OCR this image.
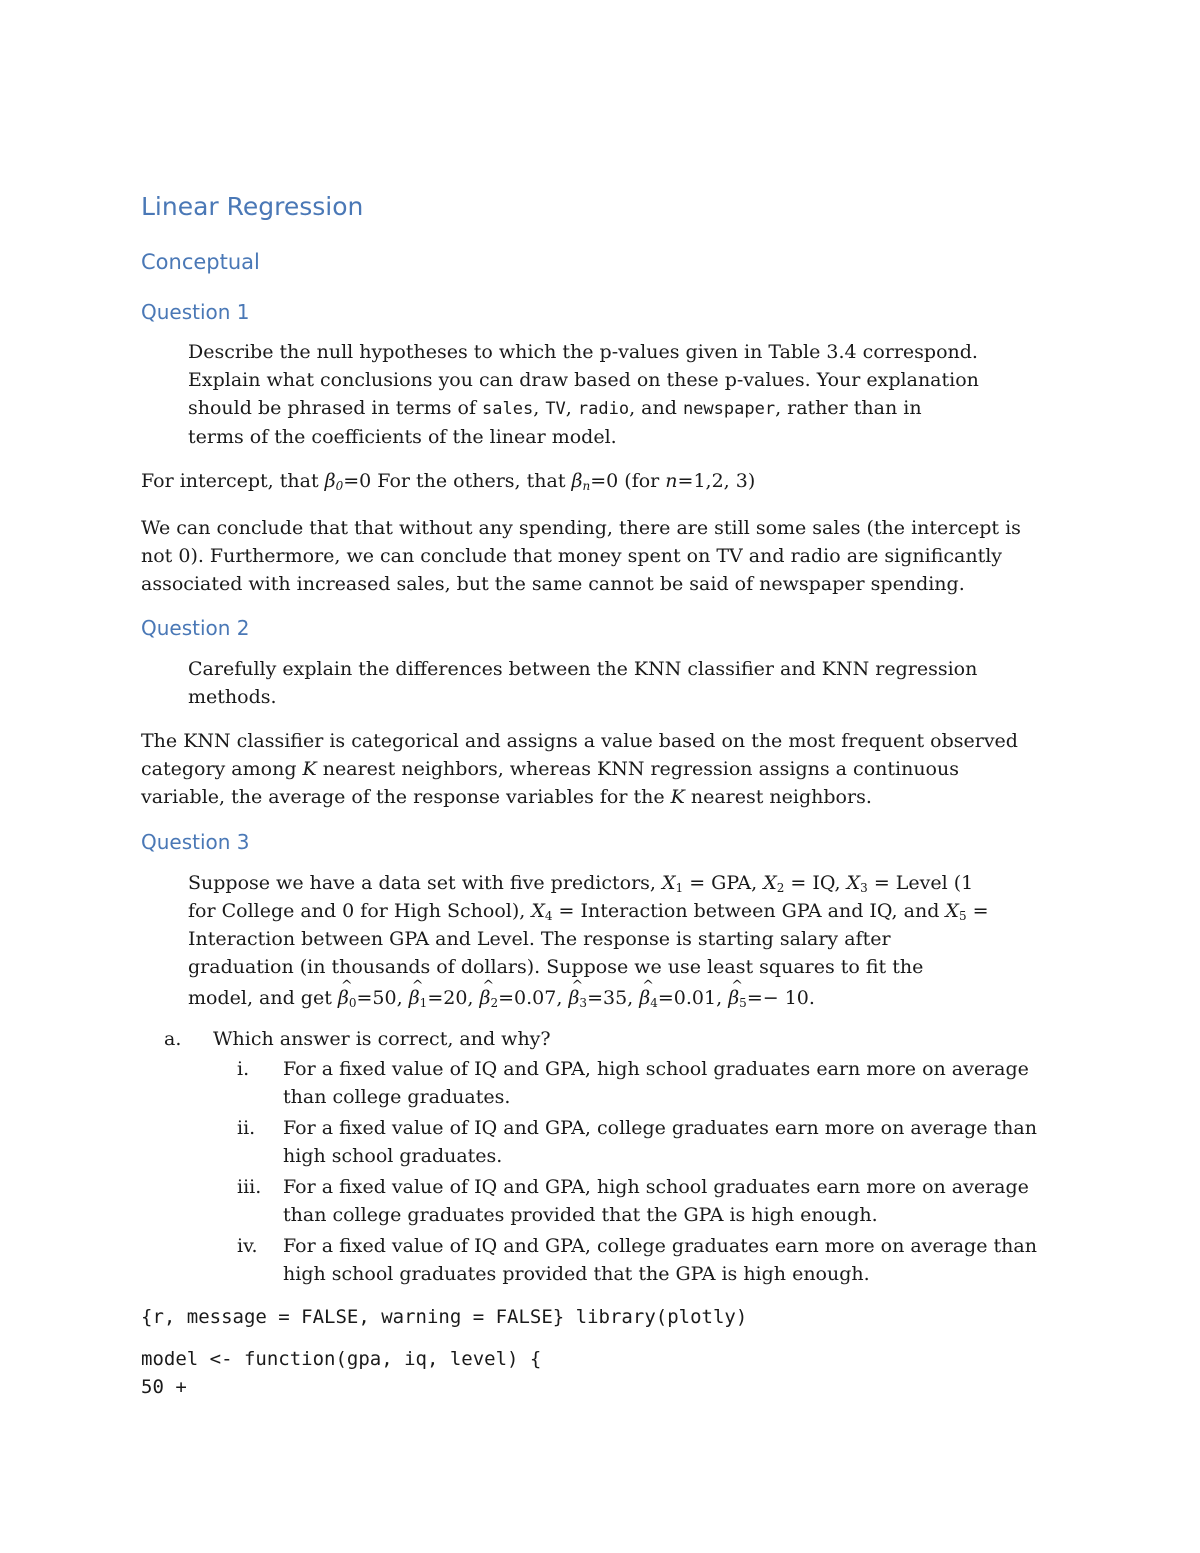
Linear Regression
Conceptual
Question 1

Describe the null hypotheses to which the p-values given in Table 3.4 correspond.
Explain what conclusions you can draw based on these p-values. Your explanation
should be phrased in terms of sales, TV, radio, and newspaper, rather than in
terms of the coefficients of the linear model.

For intercept, that $\beta_0=0$ For the others, that $\beta_n=0$ (for n=1,2, 3)

We can conclude that that without any spending, there are still some sales (the intercept is
not 0). Furthermore, we can conclude that money spent on TV and radio are significantly
associated with increased sales, but the same cannot be said of newspaper spending.

Question 2

Carefully explain the differences between the KNN classifier and KNN regression
methods.

The KNN classifier is categorical and assigns a value based on the most frequent observed
category among K nearest neighbors, whereas KNN regression assigns a continuous
variable, the average of the response variables for the K nearest neighbors.

Question 3

Suppose we have a data set with five predictors, $X_1$ = GPA, $X_2$ = IQ, $X_3$ = Level (1
for College and 0 for High School), $X_4$ = Interaction between GPA and IQ, and $X_5$ =
Interaction between GPA and Level. The response is starting salary after
graduation (in thousands of dollars). Suppose we use least squares to fit the
model, and get ^ $\beta_0=50$, ^ $\beta_1=20$, ^ $\beta_2=0.07$, ^ $\beta_3=35$, ^ $\beta_4=0.01$, ^ $\beta_5=- 10$.

a. Which answer is correct, and why?
i. For a fixed value of IQ and GPA, high school graduates earn more on average
than college graduates.
ii. For a fixed value of IQ and GPA, college graduates earn more on average than
high school graduates.
iii. For a fixed value of IQ and GPA, high school graduates earn more on average
than college graduates provided that the GPA is high enough.
iv. For a fixed value of IQ and GPA, college graduates earn more on average than
high school graduates provided that the GPA is high enough.
{r, message = FALSE, warning = FALSE} library(plotly)
model <- function(gpa, iq, level) {
50 +
